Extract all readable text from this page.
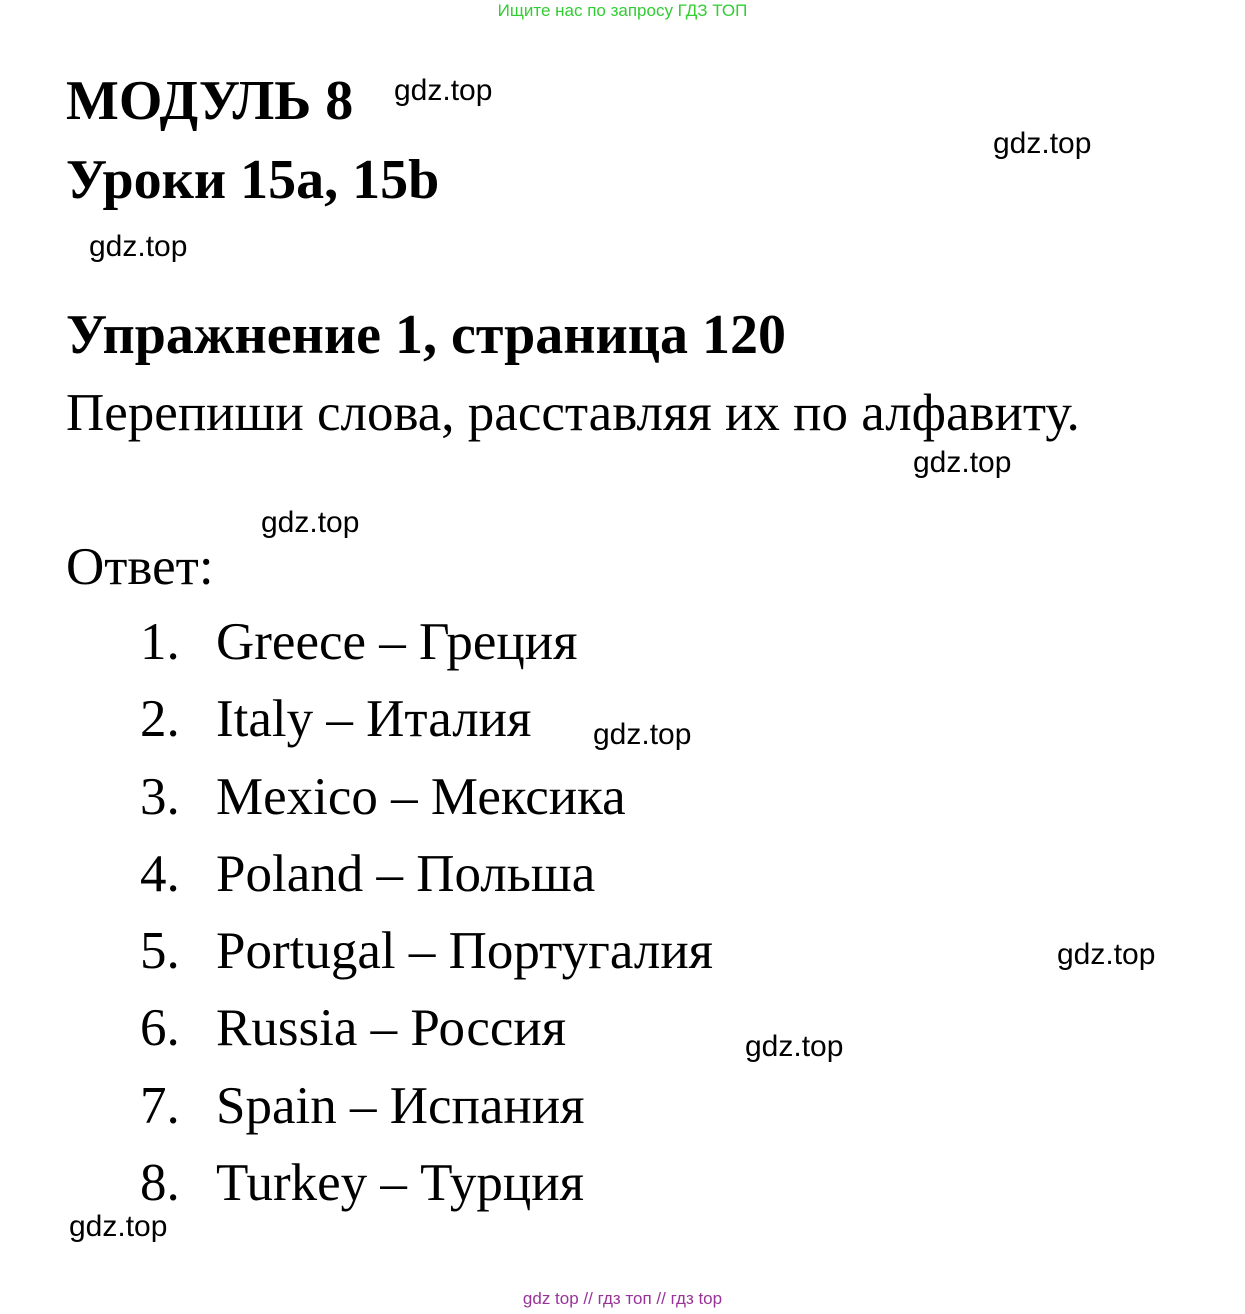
Ищите нас по запросу ГДЗ ТОП
МОДУЛЬ 8
Уроки 15a, 15b
Упражнение 1, страница 120
Перепиши слова, расставляя их по алфавиту.
Ответ:
1. Greece – Греция
2. Italy – Италия
3. Mexico – Мексика
4. Poland – Польша
5. Portugal – Португалия
6. Russia – Россия
7. Spain – Испания
8. Turkey – Турция
gdz.top
gdz.top
gdz.top
gdz.top
gdz.top
gdz.top
gdz.top
gdz.top
gdz.top
gdz top // гдз топ // гдз top
